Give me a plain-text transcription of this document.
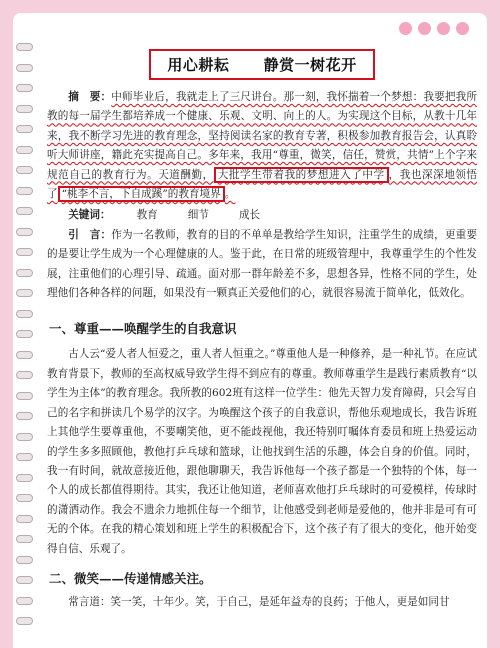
用心耕耘      静赏一树花开

摘　要：中师毕业后，我就走上了三尺讲台。那一刻，我怀揣着一个梦想：我要把我所教的每一届学生都培养成一个健康、乐观、文明、向上的人。为实现这个目标，从教十几年来，我不断学习先进的教育理念，坚持阅读名家的教育专著，积极参加教育报告会，认真聆听大师讲座，籍此充实提高自己。多年来，我用“尊重，微笑，信任，赞赏，共情”上个字来规范自己的教育行为。天道酬勤， 大批学生带着我的梦想进入了中学 ，我也深深地领悟了 “桃李不言，下自成蹊”的教育境界 。

关键词： 教育	细节	成长

引　言：作为一名教师，教育的目的不单单是教给学生知识，注重学生的成绩，更重要的是要让学生成为一个心理健康的人。鉴于此，在日常的班级管理中，我尊重学生的个性发展，注重他们的心理引导、疏通。面对那一群年龄差不多，思想各异，性格不同的学生，处理他们各种各样的问题，如果没有一颗真正关爱他们的心，就很容易流于简单化，低效化。

一、尊重——唤醒学生的自我意识

古人云“爱人者人恒爱之，重人者人恒重之。”尊重他人是一种修养，是一种礼节。在应试教育背景下，教师的至高权威导致学生得不到应有的尊重。教师尊重学生是践行素质教育“以学生为主体”的教育理念。我所教的602班有这样一位学生：他先天智力发育障碍，只会写自己的名字和拼读几个易学的汉字。为唤醒这个孩子的自我意识，帮他乐观地成长，我告诉班上其他学生要尊重他，不要嘲笑他，更不能歧视他，我还特别叮嘱体育委员和班上热爱运动的学生多多照顾他，教他打乒乓球和篮球，让他找到生活的乐趣，体会自身的价值。同时，我一有时间，就故意接近他，跟他聊聊天，我告诉他每一个孩子都是一个独特的个体，每一个人的成长都值得期待。其实，我还让他知道，老师喜欢他打乒乓球时的可爱模样，传球时的潇洒动作。我会不遗余力地抓住每一个细节，让他感受到老师是爱他的，他并非是可有可无的个体。在我的精心策划和班上学生的积极配合下，这个孩子有了很大的变化，他开始变得自信、乐观了。

二、微笑——传递情感关注。

常言道：笑一笑，十年少。笑，于自己，是延年益寿的良药；于他人，更是如同甘
